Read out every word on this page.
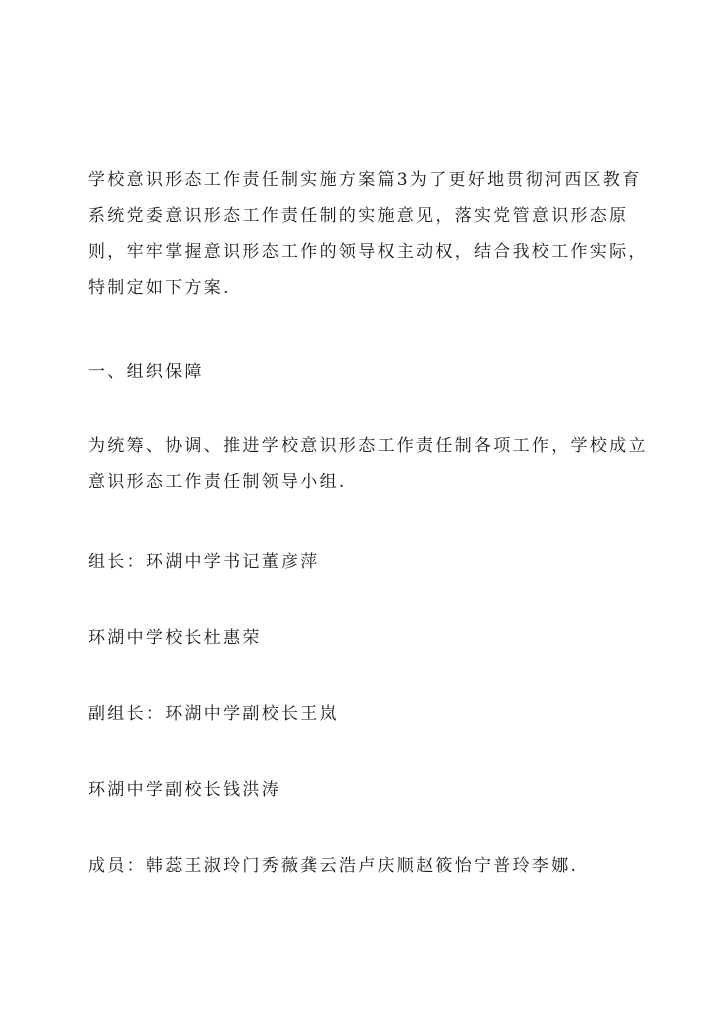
学校意识形态工作责任制实施方案篇3为了更好地贯彻河西区教育系统党委意识形态工作责任制的实施意见，落实党管意识形态原则，牢牢掌握意识形态工作的领导权主动权，结合我校工作实际，特制定如下方案.

一、组织保障

为统筹、协调、推进学校意识形态工作责任制各项工作，学校成立意识形态工作责任制领导小组.

组长：环湖中学书记董彦萍

环湖中学校长杜惠荣

副组长：环湖中学副校长王岚

环湖中学副校长钱洪涛

成员：韩蕊王淑玲门秀薇龚云浩卢庆顺赵筱怡宁普玲李娜.
